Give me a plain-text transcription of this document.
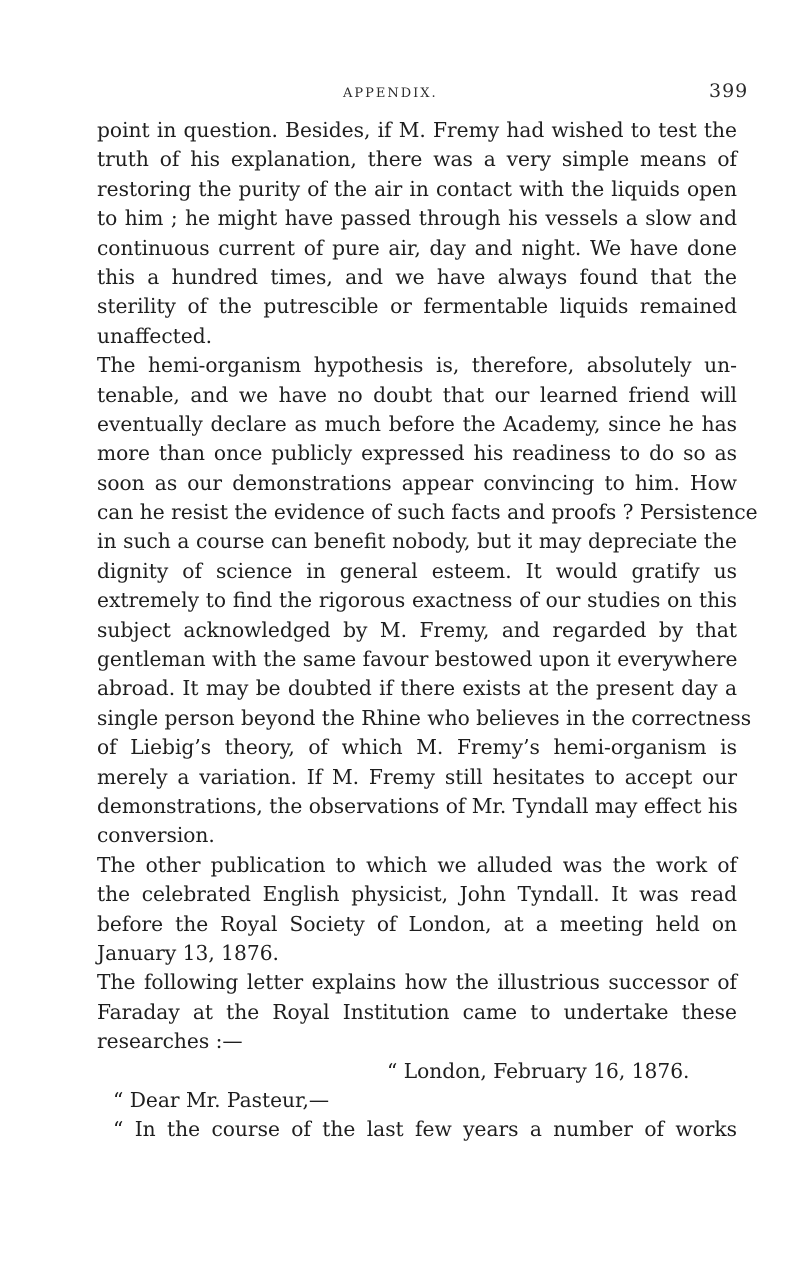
APPENDIX.	399
point in question. Besides, if M. Fremy had wished to test the
truth of his explanation, there was a very simple means of
restoring the purity of the air in contact with the liquids open
to him ; he might have passed through his vessels a slow and
continuous current of pure air, day and night. We have done
this a hundred times, and we have always found that the
sterility of the putrescible or fermentable liquids remained
unaffected.
The hemi-organism hypothesis is, therefore, absolutely un-
tenable, and we have no doubt that our learned friend will
eventually declare as much before the Academy, since he has
more than once publicly expressed his readiness to do so as
soon as our demonstrations appear convincing to him. How
can he resist the evidence of such facts and proofs ? Persistence
in such a course can benefit nobody, but it may depreciate the
dignity of science in general esteem. It would gratify us
extremely to find the rigorous exactness of our studies on this
subject acknowledged by M. Fremy, and regarded by that
gentleman with the same favour bestowed upon it everywhere
abroad. It may be doubted if there exists at the present day a
single person beyond the Rhine who believes in the correctness
of Liebig’s theory, of which M. Fremy’s hemi-organism is
merely a variation. If M. Fremy still hesitates to accept our
demonstrations, the observations of Mr. Tyndall may effect his
conversion.
The other publication to which we alluded was the work of
the celebrated English physicist, John Tyndall. It was read
before the Royal Society of London, at a meeting held on
January 13, 1876.
The following letter explains how the illustrious successor of
Faraday at the Royal Institution came to undertake these
researches :—
“ London, February 16, 1876.
“ Dear Mr. Pasteur,—
“ In the course of the last few years a number of works
